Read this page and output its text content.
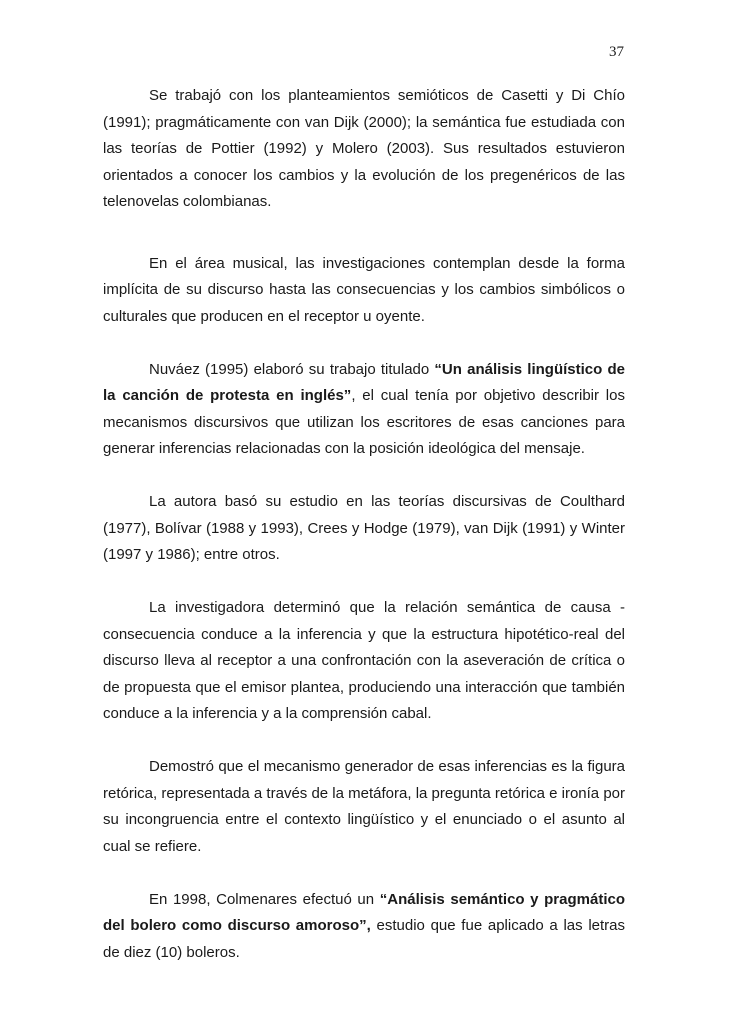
37

Se trabajó con los planteamientos semióticos de Casetti y Di Chío (1991); pragmáticamente con van Dijk (2000); la semántica fue estudiada con las teorías de Pottier (1992) y Molero (2003). Sus resultados estuvieron orientados a conocer los cambios y la evolución de los pregenéricos de las telenovelas colombianas.

En el área musical, las investigaciones contemplan desde la forma implícita de su discurso hasta las consecuencias y los cambios simbólicos o culturales que producen en el receptor u oyente.

Nuváez (1995) elaboró su trabajo titulado “Un análisis lingüístico de la canción de protesta en inglés”, el cual tenía por objetivo describir los mecanismos discursivos que utilizan los escritores de esas canciones para generar inferencias relacionadas con la posición ideológica del mensaje.

La autora basó su estudio en las teorías discursivas de Coulthard (1977), Bolívar (1988 y 1993), Crees y Hodge (1979), van Dijk (1991) y Winter (1997 y 1986); entre otros.

La investigadora determinó que la relación semántica de causa - consecuencia conduce a la inferencia y que la estructura hipotético-real del discurso lleva al receptor a una confrontación con la aseveración de crítica o de propuesta que el emisor plantea, produciendo una interacción que también conduce a la inferencia y a la comprensión cabal.

Demostró que el mecanismo generador de esas inferencias es la figura retórica, representada a través de la metáfora, la pregunta retórica e ironía por su incongruencia entre el contexto lingüístico y el enunciado o el asunto al cual se refiere.

En 1998, Colmenares efectuó un “Análisis semántico y pragmático del bolero como discurso amoroso”, estudio que fue aplicado a las letras de diez (10) boleros.
